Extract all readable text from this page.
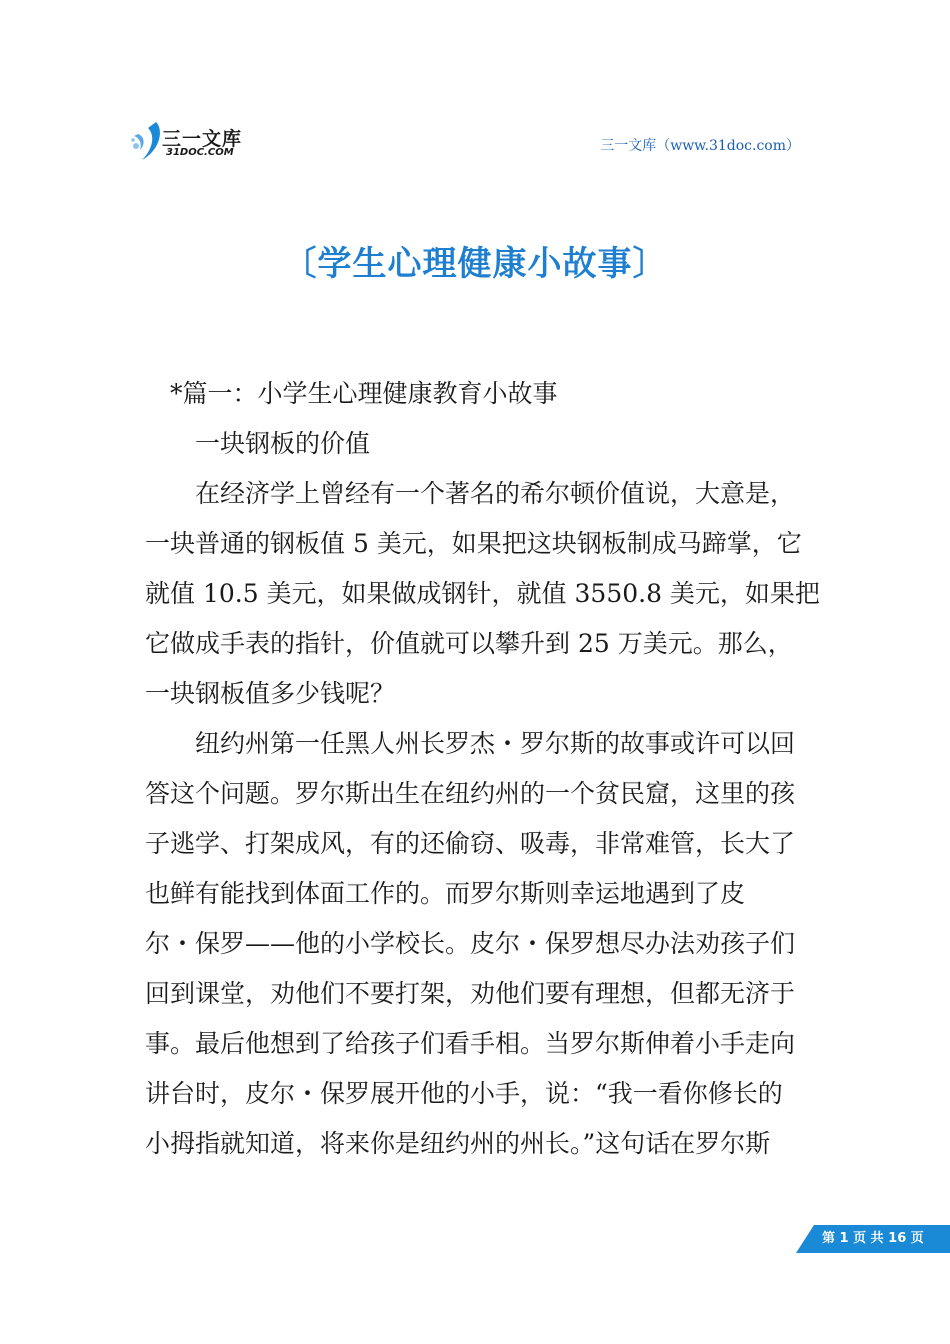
三一文库
31DOC.COM	三一文库（www.31doc.com）
〔学生心理健康小故事〕
　*篇一：小学生心理健康教育小故事
　　一块钢板的价值
　　在经济学上曾经有一个著名的希尔顿价值说，大意是，
一块普通的钢板值 5 美元，如果把这块钢板制成马蹄掌，它
就值 10.5 美元，如果做成钢针，就值 3550.8 美元，如果把
它做成手表的指针，价值就可以攀升到 25 万美元。那么，
一块钢板值多少钱呢？
　　纽约州第一任黑人州长罗杰・罗尔斯的故事或许可以回
答这个问题。罗尔斯出生在纽约州的一个贫民窟，这里的孩
子逃学、打架成风，有的还偷窃、吸毒，非常难管，长大了
也鲜有能找到体面工作的。而罗尔斯则幸运地遇到了皮
尔・保罗——他的小学校长。皮尔・保罗想尽办法劝孩子们
回到课堂，劝他们不要打架，劝他们要有理想，但都无济于
事。最后他想到了给孩子们看手相。当罗尔斯伸着小手走向
讲台时，皮尔・保罗展开他的小手，说：“我一看你修长的
小拇指就知道，将来你是纽约州的州长。”这句话在罗尔斯
第 1 页 共 16 页
